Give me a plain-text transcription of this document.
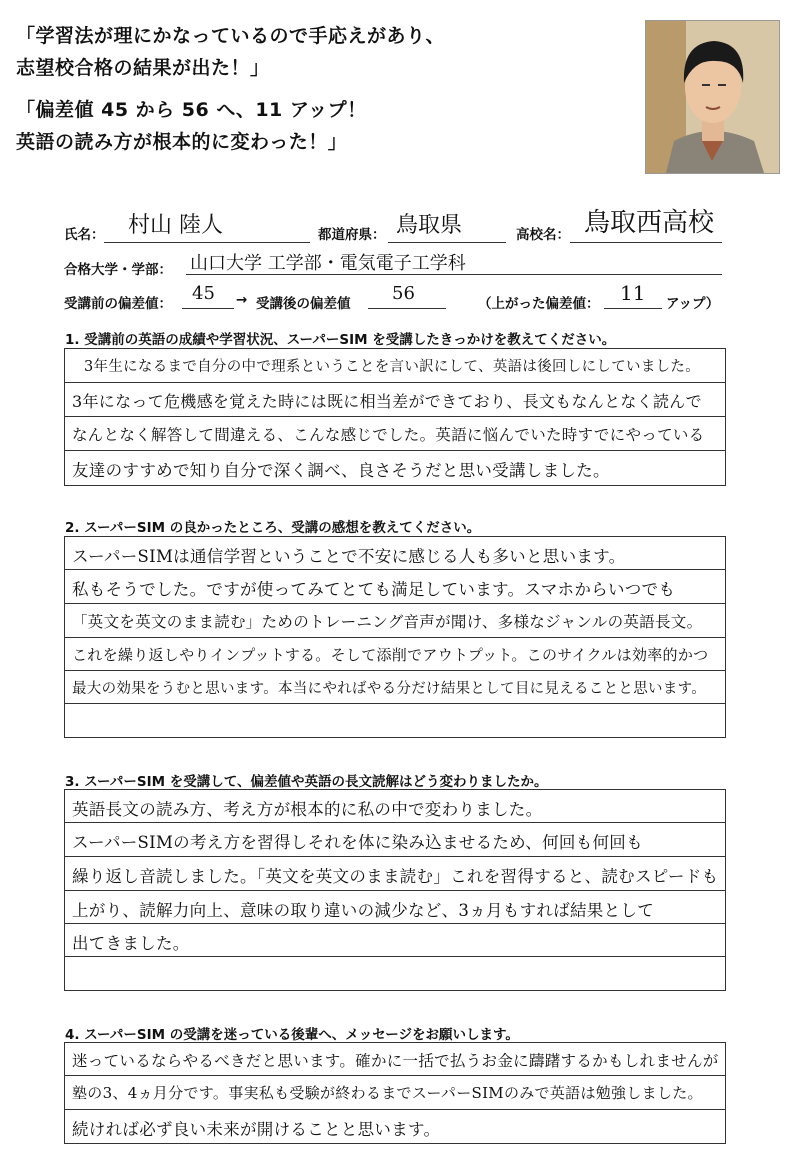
「学習法が理にかなっているので手応えがあり、
志望校合格の結果が出た！」
「偏差値 45 から 56 へ、11 アップ！
英語の読み方が根本的に変わった！」
氏名： 村山 陸人	都道府県： 鳥取県	高校名： 鳥取西高校
合格大学・学部： 山口大学 工学部・電気電子工学科
受講前の偏差値： 45 → 受講後の偏差値 56	（上がった偏差値： 11 アップ）
1. 受講前の英語の成績や学習状況、スーパーSIM を受講したきっかけを教えてください。
3年生になるまで自分の中で理系ということを言い訳にして、英語は後回しにしていました。
3年になって危機感を覚えた時には既に相当差ができており、長文もなんとなく読んで
なんとなく解答して間違える、こんな感じでした。英語に悩んでいた時すでにやっている
友達のすすめで知り自分で深く調べ、良さそうだと思い受講しました。
2. スーパーSIM の良かったところ、受講の感想を教えてください。
スーパーSIMは通信学習ということで不安に感じる人も多いと思います。
私もそうでした。ですが使ってみてとても満足しています。スマホからいつでも
「英文を英文のまま読む」ためのトレーニング音声が聞け、多様なジャンルの英語長文。
これを繰り返しやりインプットする。そして添削でアウトプット。このサイクルは効率的かつ
最大の効果をうむと思います。本当にやればやる分だけ結果として目に見えることと思います。
3. スーパーSIM を受講して、偏差値や英語の長文読解はどう変わりましたか。
英語長文の読み方、考え方が根本的に私の中で変わりました。
スーパーSIMの考え方を習得しそれを体に染み込ませるため、何回も何回も
繰り返し音読しました。「英文を英文のまま読む」これを習得すると、読むスピードも
上がり、読解力向上、意味の取り違いの減少など、3ヵ月もすれば結果として
出てきました。
4. スーパーSIM の受講を迷っている後輩へ、メッセージをお願いします。
迷っているならやるべきだと思います。確かに一括で払うお金に躊躇するかもしれませんが
塾の3、4ヵ月分です。事実私も受験が終わるまでスーパーSIMのみで英語は勉強しました。
続ければ必ず良い未来が開けることと思います。
